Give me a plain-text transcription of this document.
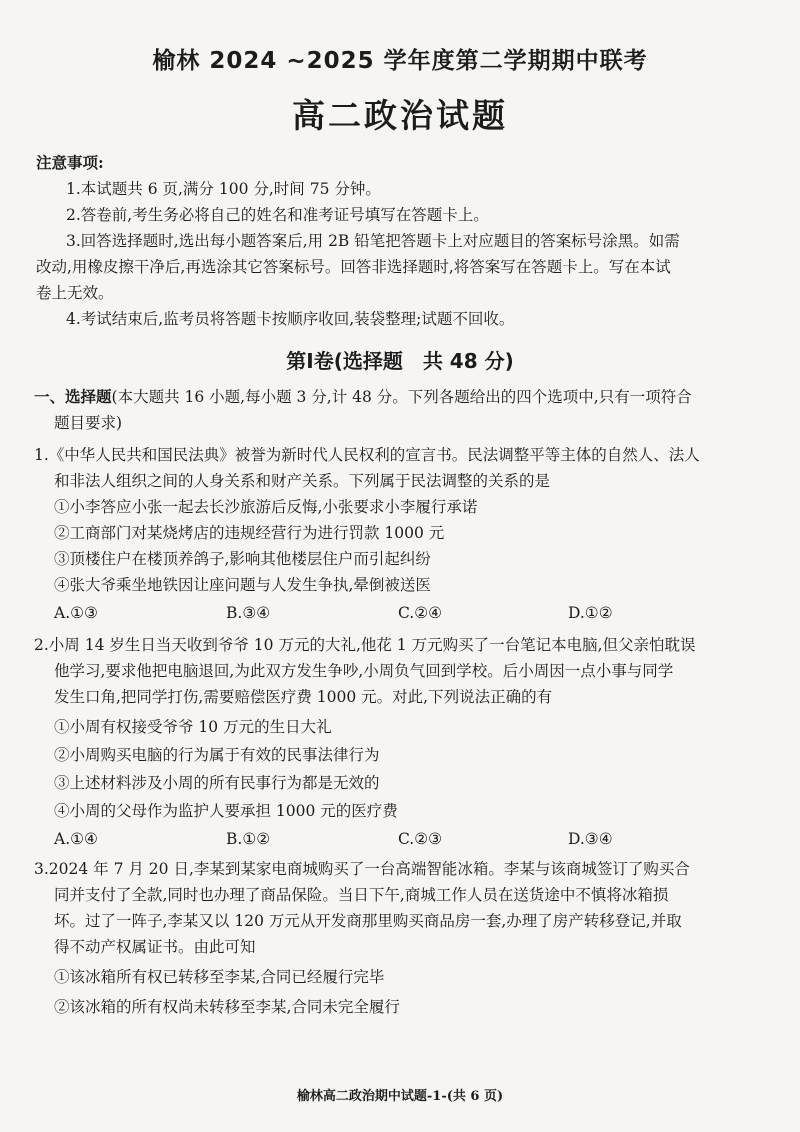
榆林 2024 ~2025 学年度第二学期期中联考
高二政治试题
注意事项:
1.本试题共 6 页,满分 100 分,时间 75 分钟。
2.答卷前,考生务必将自己的姓名和准考证号填写在答题卡上。
3.回答选择题时,选出每小题答案后,用 2B 铅笔把答题卡上对应题目的答案标号涂黑。如需
改动,用橡皮擦干净后,再选涂其它答案标号。回答非选择题时,将答案写在答题卡上。写在本试
卷上无效。
4.考试结束后,监考员将答题卡按顺序收回,装袋整理;试题不回收。
第Ⅰ卷(选择题　共 48 分)
一、选择题(本大题共 16 小题,每小题 3 分,计 48 分。下列各题给出的四个选项中,只有一项符合
题目要求)
1.《中华人民共和国民法典》被誉为新时代人民权利的宣言书。民法调整平等主体的自然人、法人
和非法人组织之间的人身关系和财产关系。下列属于民法调整的关系的是
①小李答应小张一起去长沙旅游后反悔,小张要求小李履行承诺
②工商部门对某烧烤店的违规经营行为进行罚款 1000 元
③顶楼住户在楼顶养鸽子,影响其他楼层住户而引起纠纷
④张大爷乘坐地铁因让座问题与人发生争执,晕倒被送医
A.①③	B.③④	C.②④	D.①②
2.小周 14 岁生日当天收到爷爷 10 万元的大礼,他花 1 万元购买了一台笔记本电脑,但父亲怕耽误
他学习,要求他把电脑退回,为此双方发生争吵,小周负气回到学校。后小周因一点小事与同学
发生口角,把同学打伤,需要赔偿医疗费 1000 元。对此,下列说法正确的有
①小周有权接受爷爷 10 万元的生日大礼
②小周购买电脑的行为属于有效的民事法律行为
③上述材料涉及小周的所有民事行为都是无效的
④小周的父母作为监护人要承担 1000 元的医疗费
A.①④	B.①②	C.②③	D.③④
3.2024 年 7 月 20 日,李某到某家电商城购买了一台高端智能冰箱。李某与该商城签订了购买合
同并支付了全款,同时也办理了商品保险。当日下午,商城工作人员在送货途中不慎将冰箱损
坏。过了一阵子,李某又以 120 万元从开发商那里购买商品房一套,办理了房产转移登记,并取
得不动产权属证书。由此可知
①该冰箱所有权已转移至李某,合同已经履行完毕
②该冰箱的所有权尚未转移至李某,合同未完全履行
榆林高二政治期中试题-1-(共 6 页)
